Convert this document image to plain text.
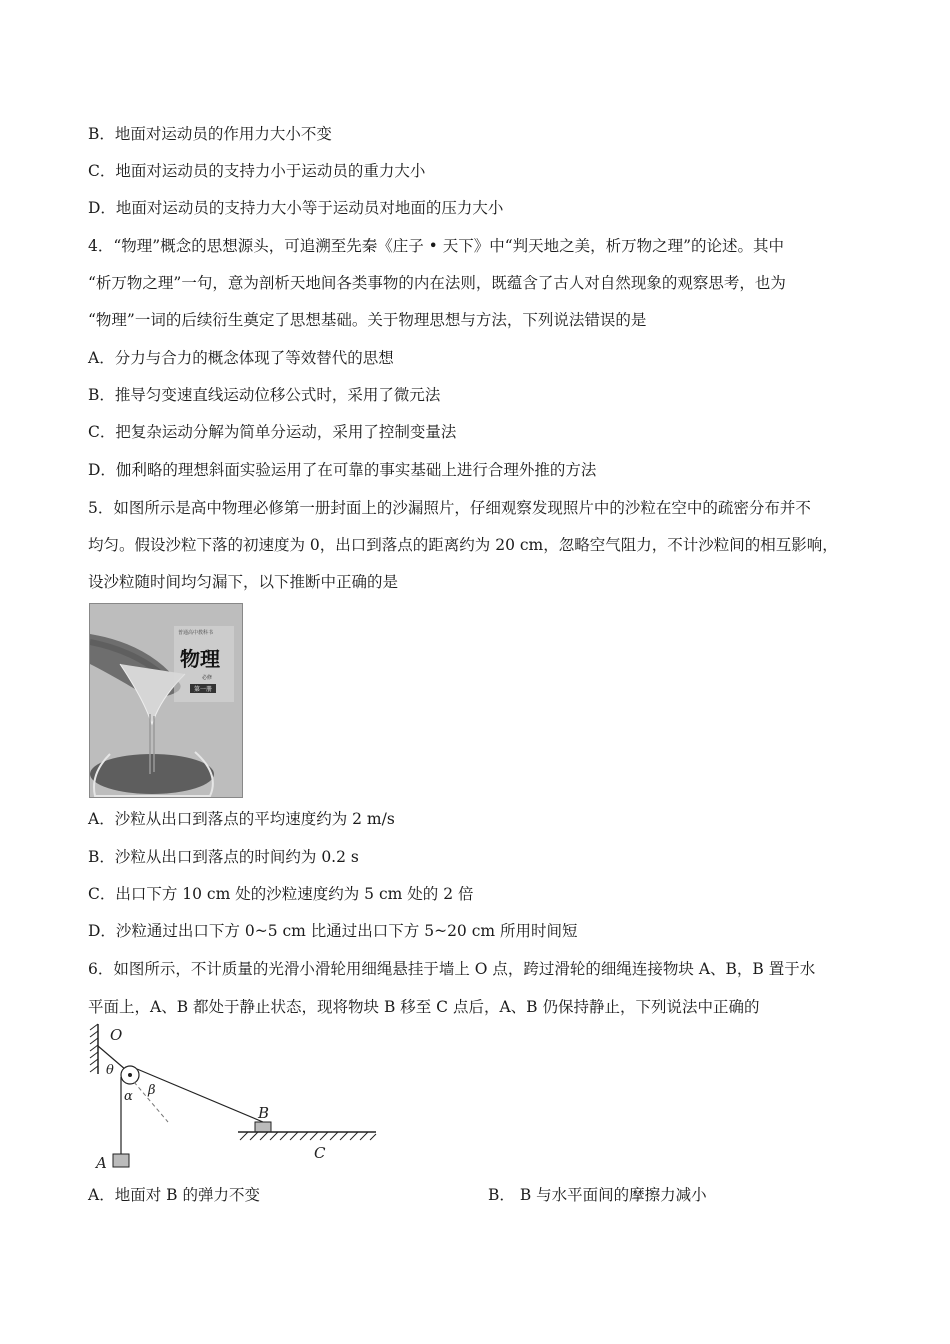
B．地面对运动员的作用力大小不变
C．地面对运动员的支持力小于运动员的重力大小
D．地面对运动员的支持力大小等于运动员对地面的压力大小
4．“物理”概念的思想源头，可追溯至先秦《庄子 • 天下》中“判天地之美，析万物之理”的论述。其中
“析万物之理”一句，意为剖析天地间各类事物的内在法则，既蕴含了古人对自然现象的观察思考，也为
“物理”一词的后续衍生奠定了思想基础。关于物理思想与方法，下列说法错误的是
A．分力与合力的概念体现了等效替代的思想
B．推导匀变速直线运动位移公式时，采用了微元法
C．把复杂运动分解为简单分运动，采用了控制变量法
D．伽利略的理想斜面实验运用了在可靠的事实基础上进行合理外推的方法
5．如图所示是高中物理必修第一册封面上的沙漏照片，仔细观察发现照片中的沙粒在空中的疏密分布并不
均匀。假设沙粒下落的初速度为 0，出口到落点的距离约为 20 cm，忽略空气阻力，不计沙粒间的相互影响，
设沙粒随时间均匀漏下，以下推断中正确的是
普通高中教科书
物理
必修
第一册
A．沙粒从出口到落点的平均速度约为 2 m/s
B．沙粒从出口到落点的时间约为 0.2 s
C．出口下方 10 cm 处的沙粒速度约为 5 cm 处的 2 倍
D．沙粒通过出口下方 0~5 cm 比通过出口下方 5~20 cm 所用时间短
6．如图所示，不计质量的光滑小滑轮用细绳悬挂于墙上 O 点，跨过滑轮的细绳连接物块 A、B，B 置于水
平面上，A、B 都处于静止状态，现将物块 B 移至 C 点后，A、B 仍保持静止，下列说法中正确的
O
θ
α β
A
B
C
A．地面对 B 的弹力不变	B． B 与水平面间的摩擦力减小
